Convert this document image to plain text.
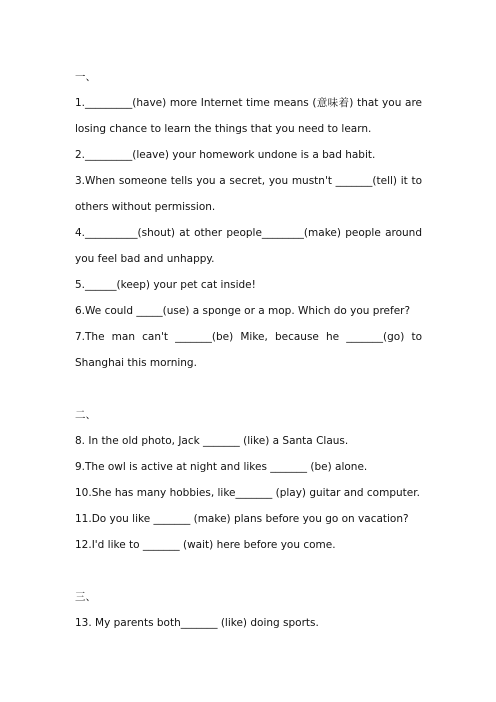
一、

1._________(have) more Internet time means (意味着) that you are losing chance to learn the things that you need to learn.

2._________(leave) your homework undone is a bad habit.

3.When someone tells you a secret, you mustn't _______(tell) it to others without permission.

4.__________(shout) at other people________(make) people around you feel bad and unhappy.

5.______(keep) your pet cat inside!

6.We could _____(use) a sponge or a mop. Which do you prefer?

7.The man can't _______(be) Mike, because he _______(go) to Shanghai this morning.

二、

8. In the old photo, Jack _______ (like) a Santa Claus.

9.The owl is active at night and likes _______ (be) alone.

10.She has many hobbies, like_______ (play) guitar and computer.

11.Do you like _______ (make) plans before you go on vacation?

12.I'd like to _______ (wait) here before you come.

三、

13. My parents both_______ (like) doing sports.
